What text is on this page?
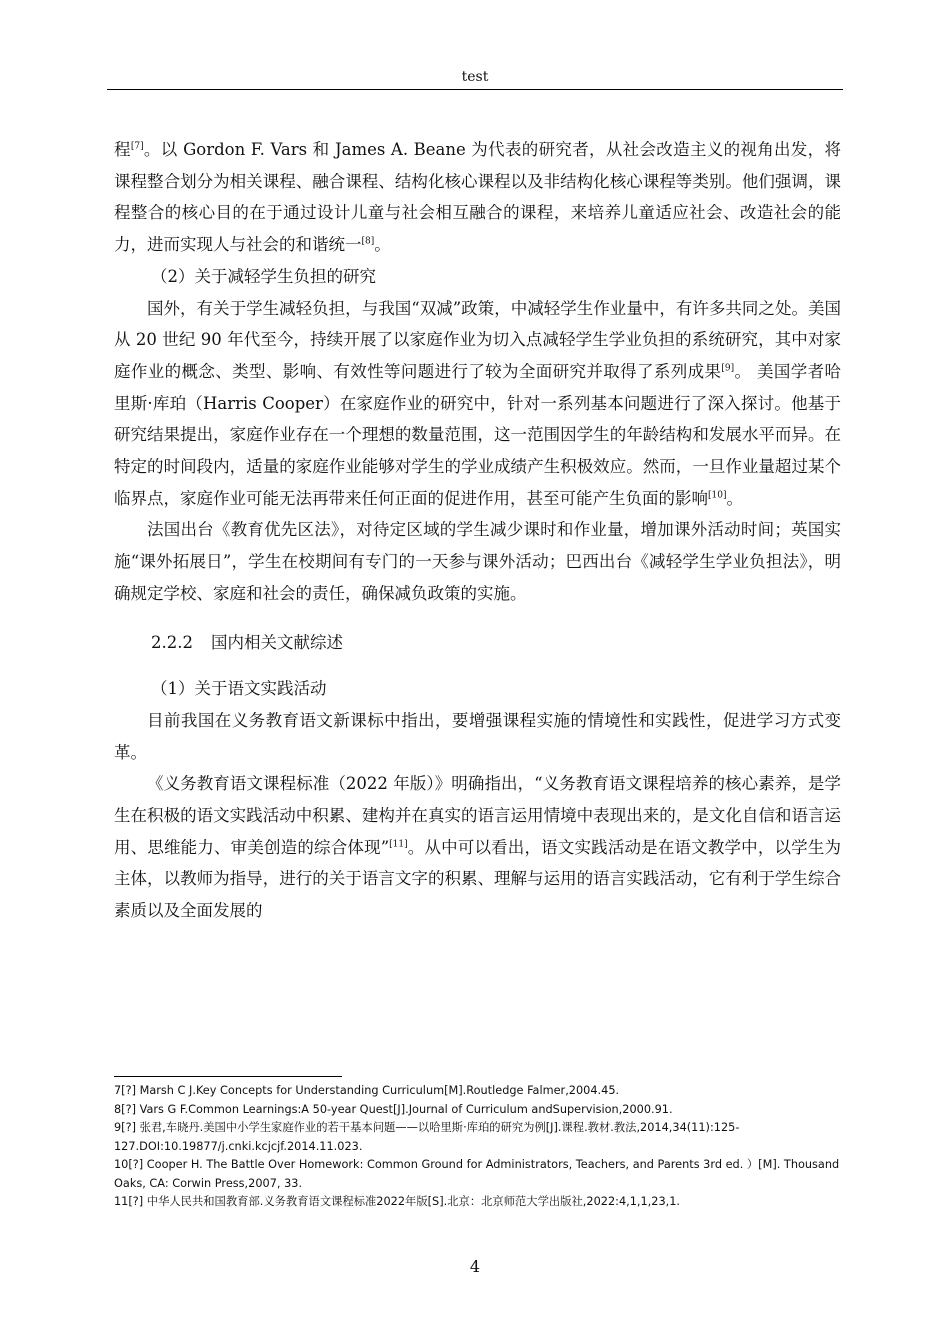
test

程[7]。以 Gordon F. Vars 和 James A. Beane 为代表的研究者，从社会改造主义的视角出发，将课程整合划分为相关课程、融合课程、结构化核心课程以及非结构化核心课程等类别。他们强调，课程整合的核心目的在于通过设计儿童与社会相互融合的课程，来培养儿童适应社会、改造社会的能力，进而实现人与社会的和谐统一[8]。

（2）关于减轻学生负担的研究

国外，有关于学生减轻负担，与我国“双减”政策，中减轻学生作业量中，有许多共同之处。美国从 20 世纪 90 年代至今，持续开展了以家庭作业为切入点减轻学生学业负担的系统研究，其中对家庭作业的概念、类型、影响、有效性等问题进行了较为全面研究并取得了系列成果[9]。 美国学者哈里斯·库珀（Harris Cooper）在家庭作业的研究中，针对一系列基本问题进行了深入探讨。他基于研究结果提出，家庭作业存在一个理想的数量范围，这一范围因学生的年龄结构和发展水平而异。在特定的时间段内，适量的家庭作业能够对学生的学业成绩产生积极效应。然而，一旦作业量超过某个临界点，家庭作业可能无法再带来任何正面的促进作用，甚至可能产生负面的影响[10]。

法国出台《教育优先区法》，对待定区域的学生减少课时和作业量，增加课外活动时间；英国实施“课外拓展日”，学生在校期间有专门的一天参与课外活动；巴西出台《减轻学生学业负担法》，明确规定学校、家庭和社会的责任，确保减负政策的实施。

2.2.2 国内相关文献综述

（1）关于语文实践活动

目前我国在义务教育语文新课标中指出，要增强课程实施的情境性和实践性，促进学习方式变革。

《义务教育语文课程标准（2022 年版）》明确指出，“义务教育语文课程培养的核心素养，是学生在积极的语文实践活动中积累、建构并在真实的语言运用情境中表现出来的，是文化自信和语言运用、思维能力、审美创造的综合体现”[11]。从中可以看出，语文实践活动是在语文教学中，以学生为主体，以教师为指导，进行的关于语言文字的积累、理解与运用的语言实践活动，它有利于学生综合素质以及全面发展的

7[?] Marsh C J.Key Concepts for Understanding Curriculum[M].Routledge Falmer,2004.45.

8[?] Vars G F.Common Learnings:A 50-year Quest[J].Journal of Curriculum andSupervision,2000.91.

9[?] 张君,车晓丹.美国中小学生家庭作业的若干基本问题——以哈里斯·库珀的研究为例[J].课程.教材.教法,2014,34(11):125-127.DOI:10.19877/j.cnki.kcjcjf.2014.11.023.

10[?] Cooper H. The Battle Over Homework: Common Ground for Administrators, Teachers, and Parents 3rd ed. ）[M]. Thousand Oaks, CA: Corwin Press,2007, 33.

11[?] 中华人民共和国教育部.义务教育语文课程标准2022年版[S].北京：北京师范大学出版社,2022:4,1,1,23,1.

4
